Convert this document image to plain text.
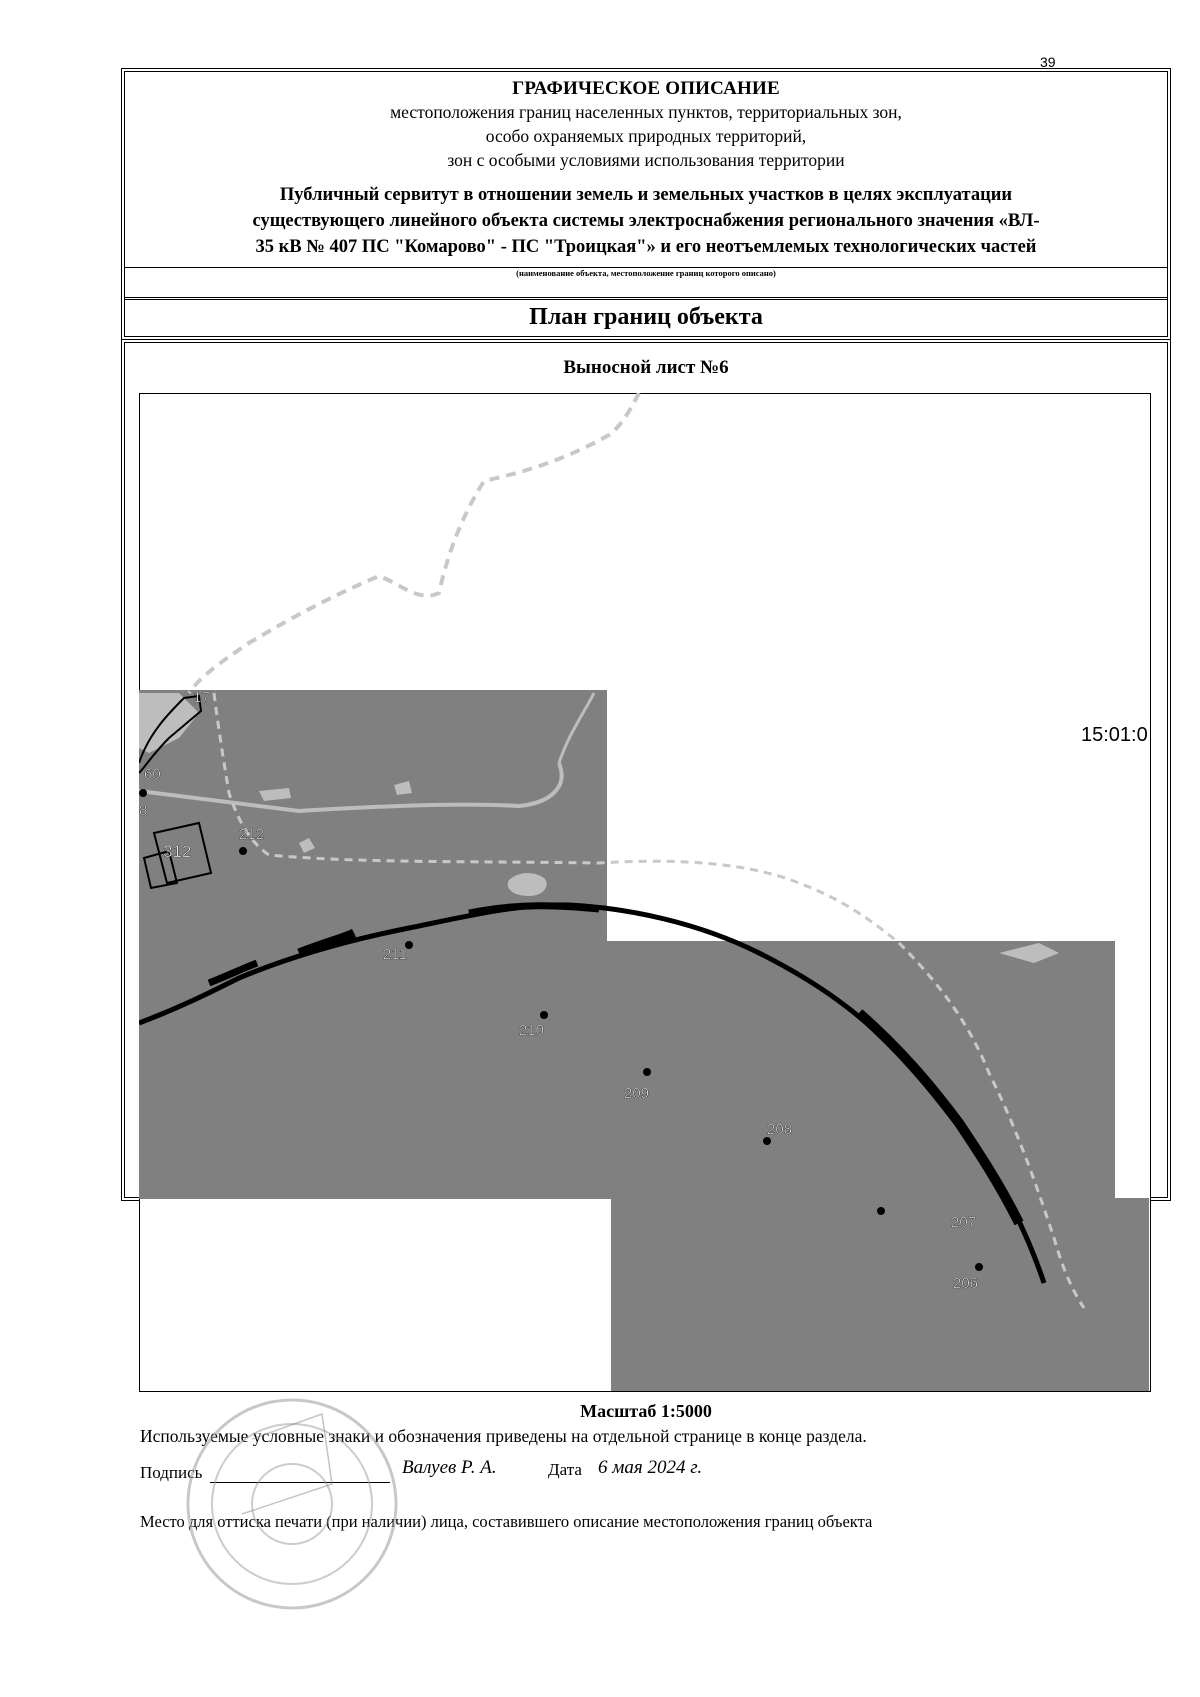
39
ГРАФИЧЕСКОЕ ОПИСАНИЕ
местоположения границ населенных пунктов, территориальных зон,
особо охраняемых природных территорий,
зон с особыми условиями использования территории
Публичный сервитут в отношении земель и земельных участков в целях эксплуатации
существующего линейного объекта системы электроснабжения регионального значения «ВЛ-
35 кВ № 407 ПС "Комарово" - ПС "Троицкая"» и его неотъемлемых технологических частей
(наименование объекта, местоположение границ которого описано)
План границ объекта
Выносной лист №6
17
60
8
312
212
211
210
209
208
207
206
15:01:0
Масштаб 1:5000
Используемые условные знаки и обозначения приведены на отдельной странице в конце раздела.
Подпись	Валуев Р. А.	Дата 6 мая 2024 г.
Место для оттиска печати (при наличии) лица, составившего описание местоположения границ объекта
